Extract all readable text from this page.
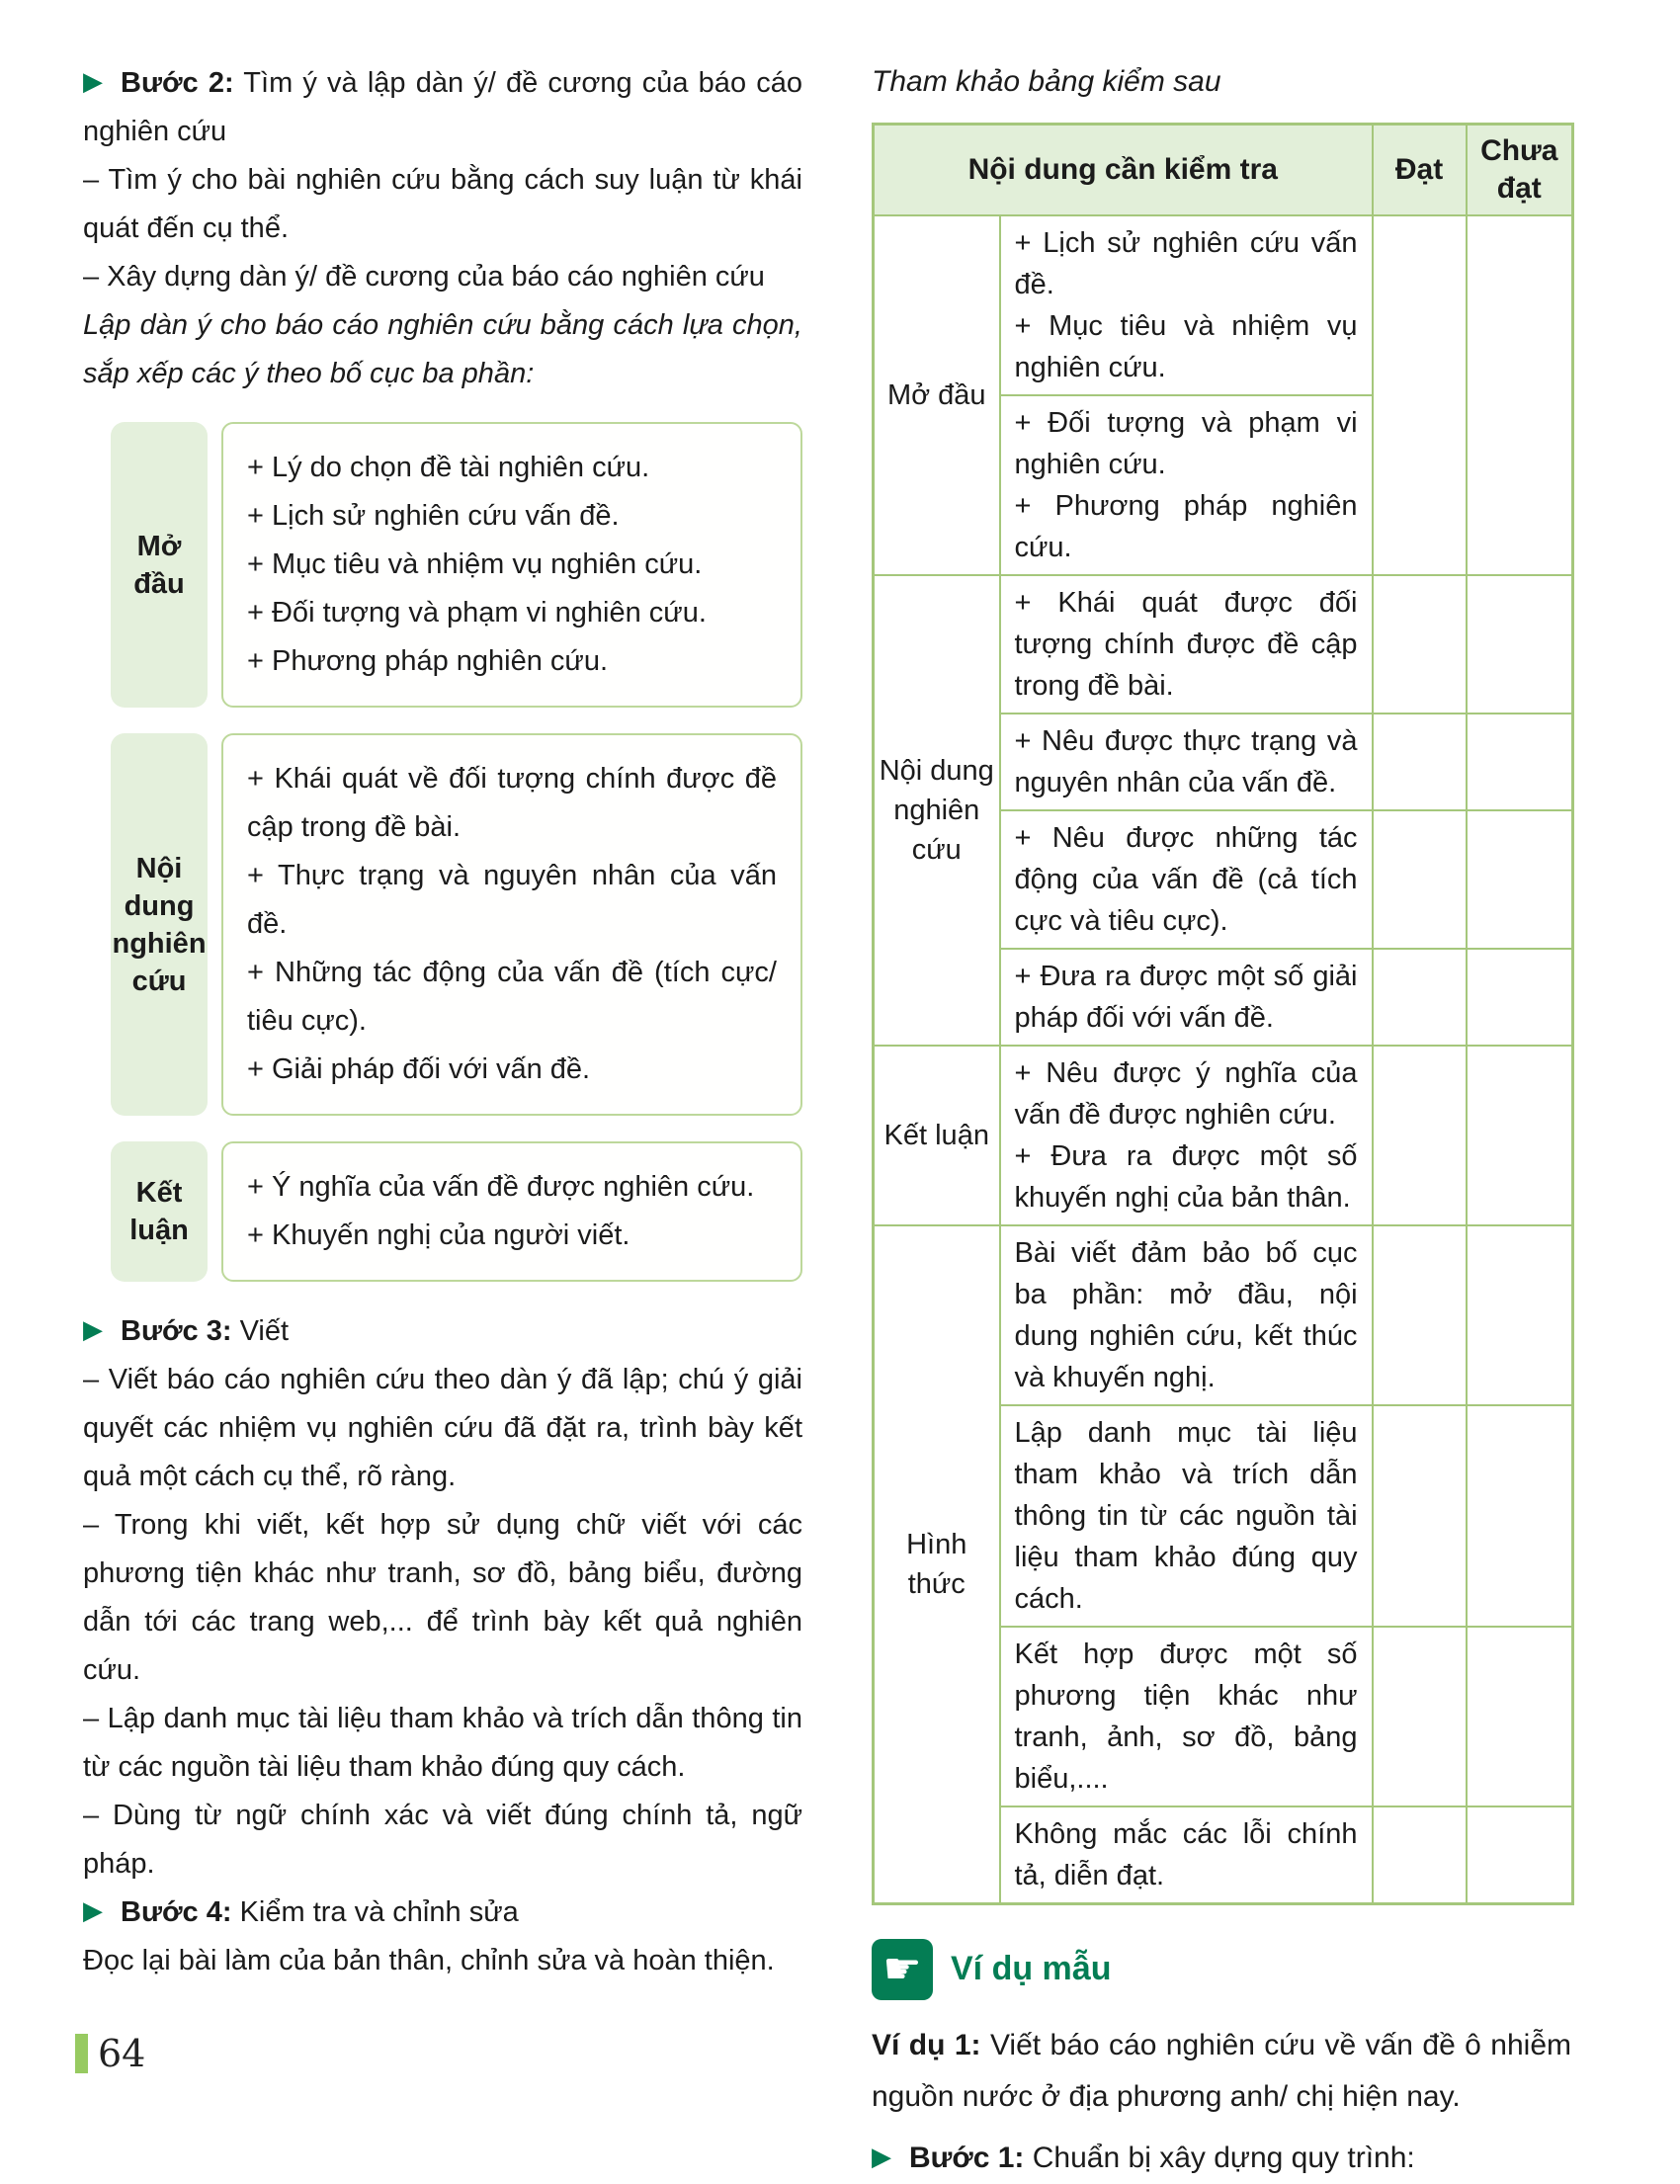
▶ Bước 2: Tìm ý và lập dàn ý/ đề cương của báo cáo nghiên cứu

– Tìm ý cho bài nghiên cứu bằng cách suy luận từ khái quát đến cụ thể.

– Xây dựng dàn ý/ đề cương của báo cáo nghiên cứu

Lập dàn ý cho báo cáo nghiên cứu bằng cách lựa chọn, sắp xếp các ý theo bố cục ba phần:

Mở đầu

+ Lý do chọn đề tài nghiên cứu.

+ Lịch sử nghiên cứu vấn đề.

+ Mục tiêu và nhiệm vụ nghiên cứu.

+ Đối tượng và phạm vi nghiên cứu.

+ Phương pháp nghiên cứu.

Nội dung nghiên cứu

+ Khái quát về đối tượng chính được đề cập trong đề bài.

+ Thực trạng và nguyên nhân của vấn đề.

+ Những tác động của vấn đề (tích cực/ tiêu cực).

+ Giải pháp đối với vấn đề.

Kết luận

+ Ý nghĩa của vấn đề được nghiên cứu.

+ Khuyến nghị của người viết.

▶ Bước 3: Viết

– Viết báo cáo nghiên cứu theo dàn ý đã lập; chú ý giải quyết các nhiệm vụ nghiên cứu đã đặt ra, trình bày kết quả một cách cụ thể, rõ ràng.

– Trong khi viết, kết hợp sử dụng chữ viết với các phương tiện khác như tranh, sơ đồ, bảng biểu, đường dẫn tới các trang web,... để trình bày kết quả nghiên cứu.

– Lập danh mục tài liệu tham khảo và trích dẫn thông tin từ các nguồn tài liệu tham khảo đúng quy cách.

– Dùng từ ngữ chính xác và viết đúng chính tả, ngữ pháp.

▶ Bước 4: Kiểm tra và chỉnh sửa

Đọc lại bài làm của bản thân, chỉnh sửa và hoàn thiện.

Tham khảo bảng kiểm sau

Nội dung cần kiểm tra		Đạt	Chưa đạt
Mở đầu	+ Lịch sử nghiên cứu vấn đề.

+ Mục tiêu và nhiệm vụ nghiên cứu.		

	+ Đối tượng và phạm vi nghiên cứu.

+ Phương pháp nghiên cứu.		

Nội dung nghiên cứu	+ Khái quát được đối tượng chính được đề cập trong đề bài.		

	+ Nêu được thực trạng và nguyên nhân của vấn đề.		

	+ Nêu được những tác động của vấn đề (cả tích cực và tiêu cực).		

	+ Đưa ra được một số giải pháp đối với vấn đề.		

Kết luận	+ Nêu được ý nghĩa của vấn đề được nghiên cứu.

+ Đưa ra được một số khuyến nghị của bản thân.		

Hình thức	Bài viết đảm bảo bố cục ba phần: mở đầu, nội dung nghiên cứu, kết thúc và khuyến nghị.		

	Lập danh mục tài liệu tham khảo và trích dẫn thông tin từ các nguồn tài liệu tham khảo đúng quy cách.		

	Kết hợp được một số phương tiện khác như tranh, ảnh, sơ đồ, bảng biểu,....		

	Không mắc các lỗi chính tả, diễn đạt.		

☛ Ví dụ mẫu

Ví dụ 1: Viết báo cáo nghiên cứu về vấn đề ô nhiễm nguồn nước ở địa phương anh/ chị hiện nay.

▶ Bước 1: Chuẩn bị xây dựng quy trình:

64
